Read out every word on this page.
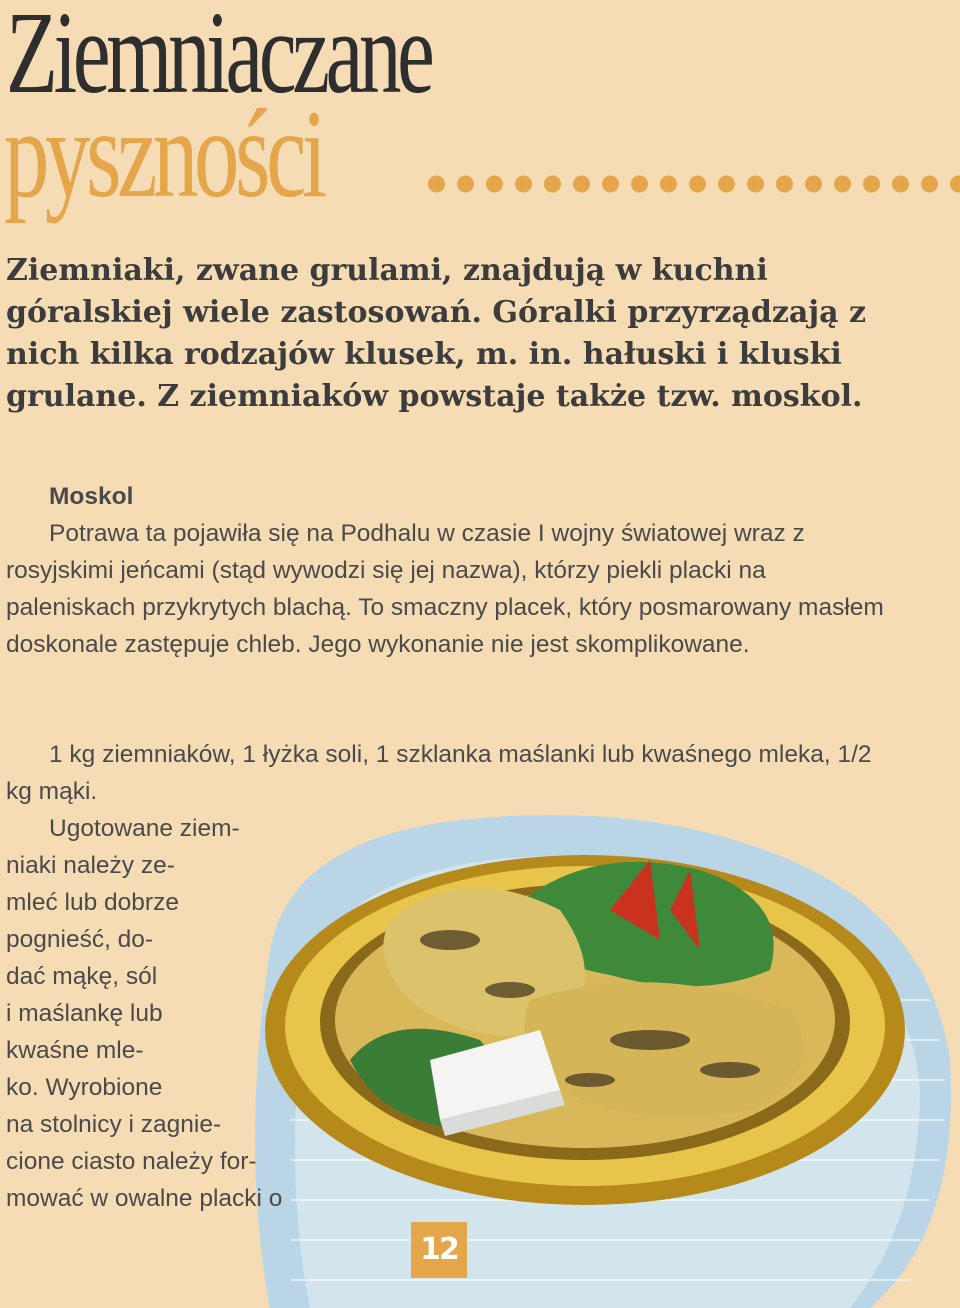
Ziemniaczane
pyszności
Ziemniaki, zwane grulami, znajdują w kuchni góralskiej wiele zastosowań. Góralki przyrządzają z nich kilka rodzajów klusek, m. in. hałuski i kluski grulane. Z ziemniaków powstaje także tzw. moskol.
Moskol
Potrawa ta pojawiła się na Podhalu w czasie I wojny światowej wraz z rosyjskimi jeńcami (stąd wywodzi się jej nazwa), którzy piekli placki na paleniskach przykrytych blachą. To smaczny placek, który posmarowany masłem doskonale zastępuje chleb. Jego wykonanie nie jest skomplikowane.
1 kg ziemniaków, 1 łyżka soli, 1 szklanka maślanki lub kwaśnego mleka, 1/2 kg mąki.
Ugotowane ziem-
niaki należy ze-
mleć lub dobrze
pognieść, do-
dać mąkę, sól
i maślankę lub
kwaśne mle-
ko. Wyrobione
na stolnicy i zagnie-
cione ciasto należy for-
mować w owalne placki o
12
